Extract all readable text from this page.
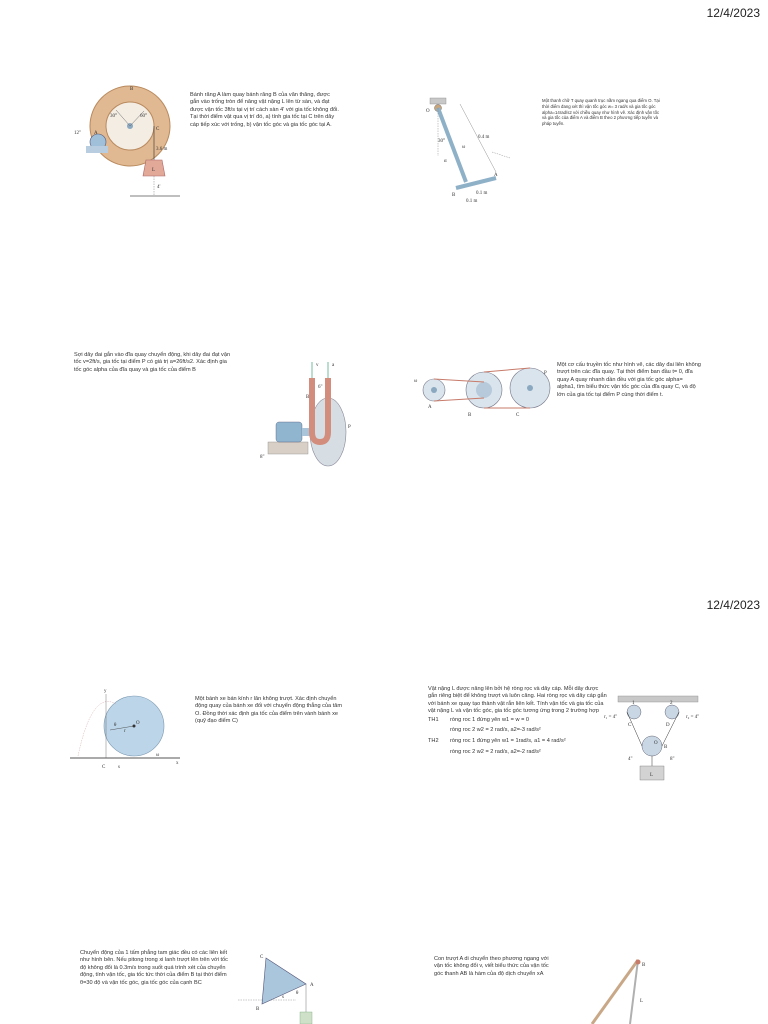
12/4/2023
30°	60°
12"
3.6 m
A
B
C
L
4'
Bánh răng A làm quay bánh răng B của văn thăng, được gắn vào trống tròn để nâng vật nặng L lên từ sàn, và đạt được vận tốc 3ft/s tại vị trí cách sàn 4' với gia tốc không đổi. Tại thời điểm vật qua vị trí đó, a) tính gia tốc tại C trên dây cáp tiếp xúc với trống, b) vận tốc góc và gia tốc góc tại A.
O
30°
0.4 m
ω
α
A
B	0.1 m
0.1 m
Một thanh chữ T quay quanh trục nằm ngang qua điểm O. Tại thời điểm đang xét thì vận tốc góc w= 3 rad/s và gia tốc góc alpha=14rad/s2 với chiều quay như hình vẽ. Xác định vận tốc và gia tốc của điểm A và điểm B theo 2 phương tiếp tuyến và pháp tuyến.
Sợi dây đai gắn vào đĩa quay chuyển động, khi dây đai đạt vận tốc v=2ft/s, gia tốc tại điểm P có giá trị a=26ft/s2. Xác định gia tốc góc alpha của đĩa quay và gia tốc của điểm B
B
P
v	a
6"
8"
ω
A
B	C
P
Một cơ cấu truyền tốc như hình vẽ, các dây đai liên không trượt trên các đĩa quay. Tại thời điểm ban đầu t= 0, đĩa quay A quay nhanh dần đều với gia tốc góc alpha= alpha1, tìm biểu thức vận tốc góc của đĩa quay C, và độ lớn của gia tốc tại điểm P cùng thời điểm t.
12/4/2023
y
x
O
C
r
s
θ
ω
Một bánh xe bán kính r lăn không trượt. Xác định chuyển động quay của bánh xe đối với chuyển động thẳng của tâm O. Đồng thời xác định gia tốc của điểm trên vành bánh xe (quỹ đạo điểm C)
Vật nặng L được nâng lên bởi hệ ròng rọc và dây cáp. Mỗi dây được gắn riêng biệt để không trượt và luôn căng. Hai ròng rọc và dây cáp gắn với bánh xe quay tạo thành vật rắn liên kết. Tính vận tốc và gia tốc của vật nặng L và vận tốc góc, gia tốc góc tương ứng trong 2 trường hợp
TH1	ròng roc 1 đứng yên w1 = w = 0
ròng roc 2 w2 = 2 rad/s, a2=-3 rad/s²
TH2	ròng roc 1 đứng yên w1 = 1rad/s, a1 = 4 rad/s²
ròng roc 2 w2 = 2 rad/s, a2=-2 rad/s²
r₁ = 4"	r₂ = 4"
1	2
C	D
O
B
L
4"	8"
Chuyển động của 1 tấm phẳng tam giác đều có các liên kết như hình bên. Nếu pitong trong xi lanh trượt lên trên với tốc độ không đổi là 0.3m/s trong suốt quá trình xét của chuyển động, tính vận tốc, gia tốc tức thời của điểm B tại thời điểm θ=30 độ và vận tốc góc, gia tốc góc của cạnh BC
C
A
B
θ
s
Con trượt A di chuyển theo phương ngang với vận tốc không đổi v, viết biểu thức của vận tốc góc thanh AB là hàm của độ dịch chuyển xA
B
L
